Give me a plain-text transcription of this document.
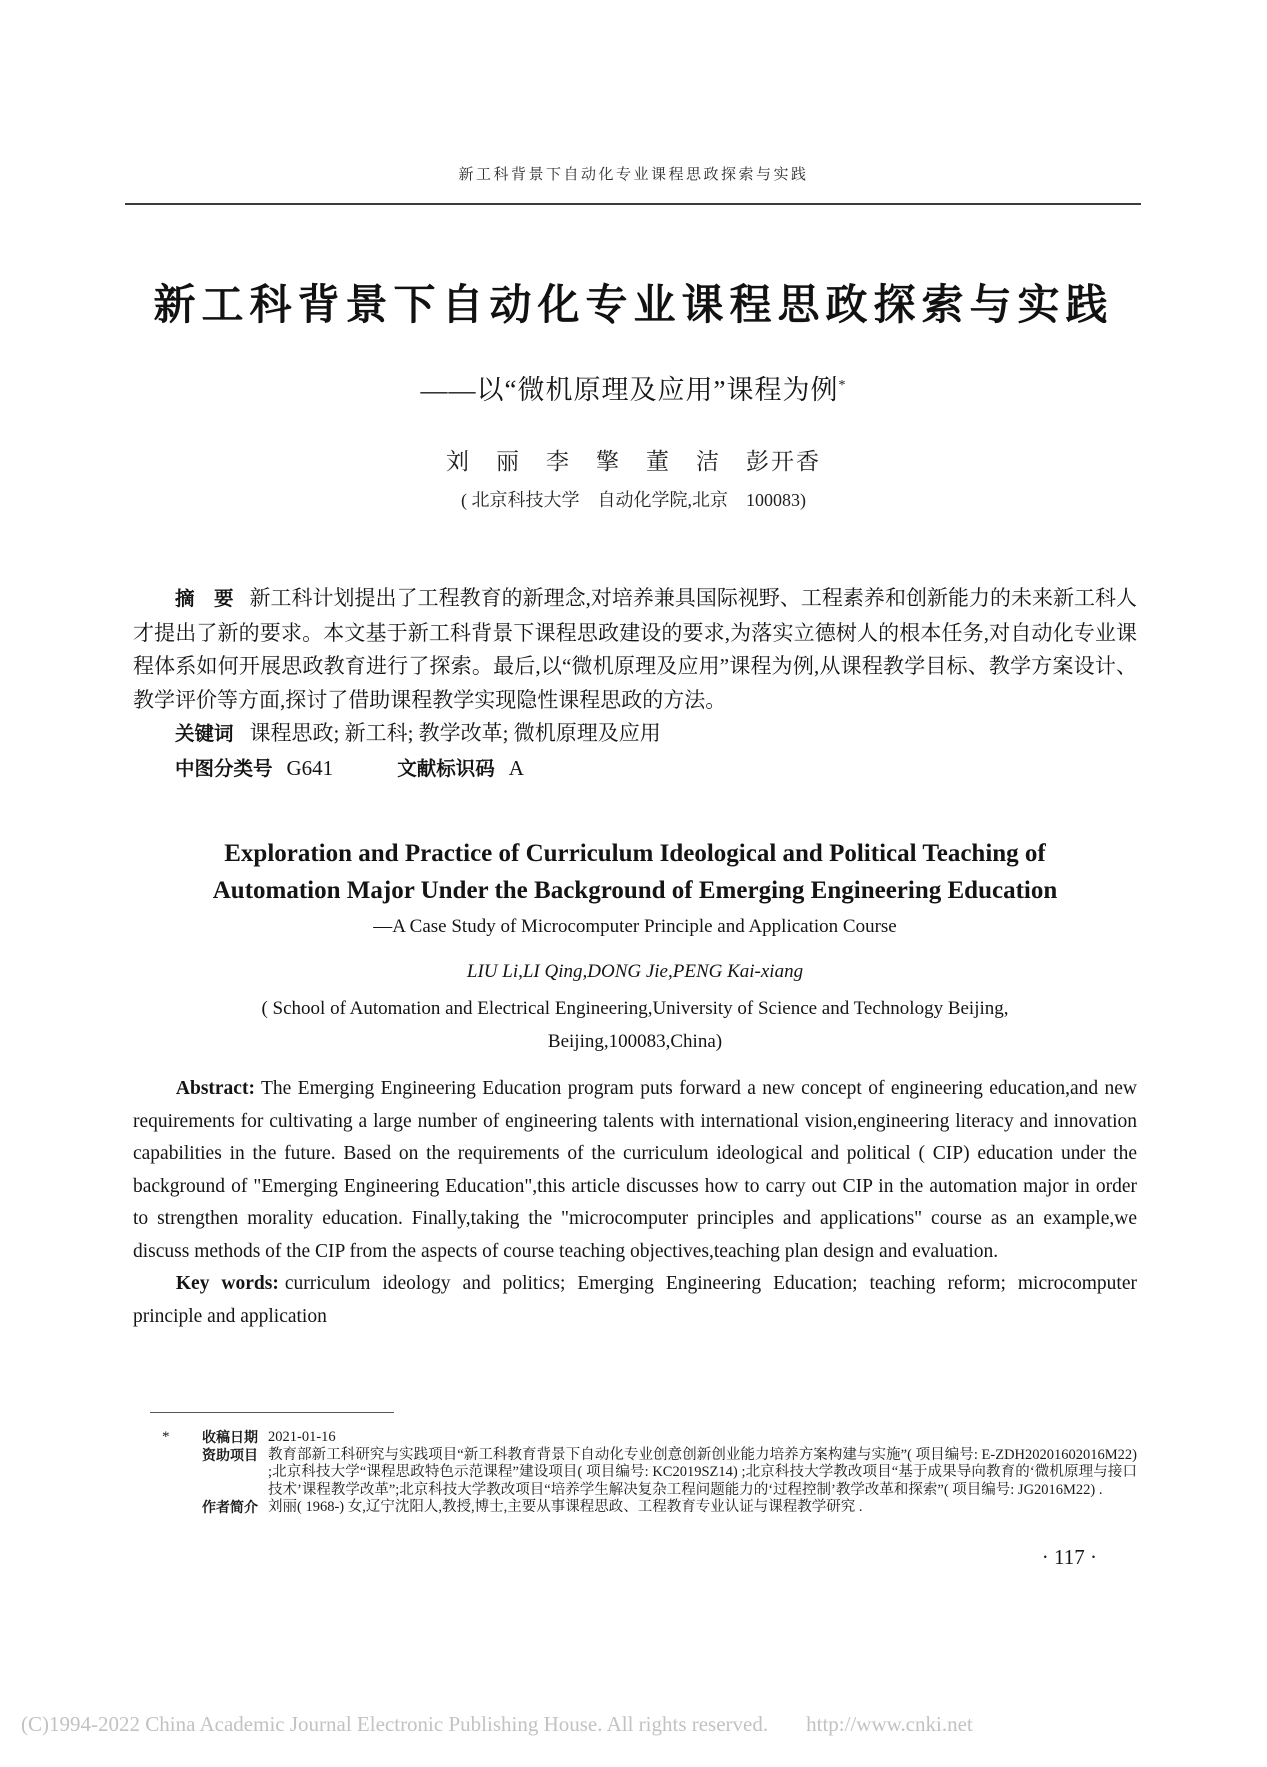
新工科背景下自动化专业课程思政探索与实践
新工科背景下自动化专业课程思政探索与实践
——以“微机原理及应用”课程为例*
刘　丽　李　擎　董　洁　彭开香
( 北京科技大学　自动化学院,北京　100083)

摘　要 新工科计划提出了工程教育的新理念,对培养兼具国际视野、工程素养和创新能力的未来新工科人才提出了新的要求。本文基于新工科背景下课程思政建设的要求,为落实立德树人的根本任务,对自动化专业课程体系如何开展思政教育进行了探索。最后,以“微机原理及应用”课程为例,从课程教学目标、教学方案设计、教学评价等方面,探讨了借助课程教学实现隐性课程思政的方法。

关键词 课程思政; 新工科; 教学改革; 微机原理及应用

中图分类号 G641	文献标识码 A

Exploration and Practice of Curriculum Ideological and Political Teaching of
Automation Major Under the Background of Emerging Engineering Education
—A Case Study of Microcomputer Principle and Application Course
LIU Li,LI Qing,DONG Jie,PENG Kai-xiang
( School of Automation and Electrical Engineering,University of Science and Technology Beijing,
Beijing,100083,China)

Abstract: The Emerging Engineering Education program puts forward a new concept of engineering education,and new requirements for cultivating a large number of engineering talents with international vision,engineering literacy and innovation capabilities in the future. Based on the requirements of the curriculum ideological and political ( CIP) education under the background of "Emerging Engineering Education",this article discusses how to carry out CIP in the automation major in order to strengthen morality education. Finally,taking the "microcomputer principles and applications" course as an example,we discuss methods of the CIP from the aspects of course teaching objectives,teaching plan design and evaluation.

Key words: curriculum ideology and politics; Emerging Engineering Education; teaching reform; microcomputer principle and application

*	收稿日期 2021-01-16
资助项目 教育部新工科研究与实践项目“新工科教育背景下自动化专业创意创新创业能力培养方案构建与实施”( 项目编号: E-ZDH20201602016M22) ;北京科技大学“课程思政特色示范课程”建设项目( 项目编号: KC2019SZ14) ;北京科技大学教改项目“基于成果导向教育的‘微机原理与接口技术’课程教学改革”;北京科技大学教改项目“培养学生解决复杂工程问题能力的‘过程控制’教学改革和探索”( 项目编号: JG2016M22) .
作者简介 刘丽( 1968-) 女,辽宁沈阳人,教授,博士,主要从事课程思政、工程教育专业认证与课程教学研究 .
· 117 ·
(C)1994-2022 China Academic Journal Electronic Publishing House. All rights reserved. http://www.cnki.net
